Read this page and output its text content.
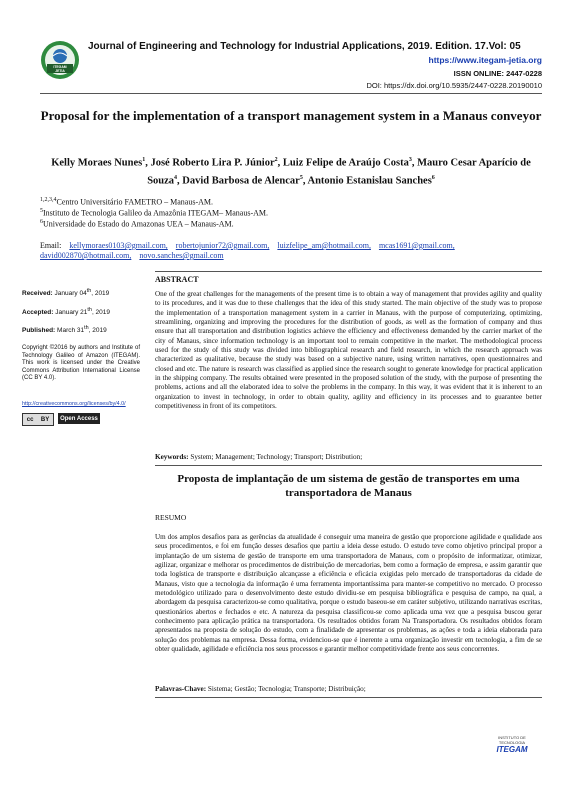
ITEGAM
JETIA
Journal of Engineering and Technology for Industrial Applications, 2019. Edition. 17.Vol: 05
https://www.itegam-jetia.org
ISSN ONLINE: 2447-0228
DOI: https://dx.doi.org/10.5935/2447-0228.20190010
Proposal for the implementation of a transport management system in a Manaus conveyor
Kelly Moraes Nunes$^1$, José Roberto Lira P. Júnior$^2$, Luiz Felipe de Araújo Costa$^3$, Mauro Cesar Aparício de Souza$^4$, David Barbosa de Alencar$^5$, Antonio Estanislau Sanches$^6$
$^{1,2,3,4}$Centro Universitário FAMETRO – Manaus-AM.
$^5$Instituto de Tecnologia Galileo da Amazônia ITEGAM– Manaus-AM.
$^6$Universidade do Estado do Amazonas UEA – Manaus-AM.
Email: kellymoraes0103@gmail.com, robertojunior72@gmail.com, luizfelipe_am@hotmail.com, mcas1691@gmail.com, david002870@hotmail.com, novo.sanches@gmail.com
Received: January 04th, 2019
Accepted: January 21th, 2019
Published: March 31th, 2019
Copyright ©2016 by authors and Institute of Technology Galileo of Amazon (ITEGAM). This work is licensed under the Creative Commons Attribution International License (CC BY 4.0).
http://creativecommons.org/licenses/by/4.0/
cc BY	Open Access
ABSTRACT
One of the great challenges for the managements of the present time is to obtain a way of management that provides agility and quality to its procedures, and it was due to these challenges that the idea of this study started. The main objective of the study was to propose the implementation of a transportation management system in a carrier in Manaus, with the purpose of computerizing, optimizing, streamlining, organizing and improving the procedures for the distribution of goods, as well as the formation of company and thus ensure that all transportation and distribution logistics achieve the efficiency and effectiveness demanded by the carrier market of the city of Manaus, since information technology is an important tool to remain competitive in the market. The methodological process used for the study of this study was divided into bibliographical research and field research, in which the research approach was characterized as qualitative, because the study was based on a subjective nature, using written narratives, open questionnaires and closed and etc. The nature is research was classified as applied since the research sought to generate knowledge for practical application in the shipping company. The results obtained were presented in the proposed solution of the study, with the purpose of presenting the problems, actions and all the elaborated idea to solve the problems in the company. In this way, it was evident that it is inherent to an organization to invest in technology, in order to obtain quality, agility and efficiency in its processes and to guarantee better competitiveness in front of its competitors.
Keywords: System; Management; Technology; Transport; Distribution;
Proposta de implantação de um sistema de gestão de transportes em uma transportadora de Manaus
RESUMO
Um dos amplos desafios para as gerências da atualidade é conseguir uma maneira de gestão que proporcione agilidade e qualidade aos seus procedimentos, e foi em função desses desafios que partiu a ideia desse estudo. O estudo teve como objetivo principal propor a implantação de um sistema de gestão de transporte em uma transportadora de Manaus, com o propósito de informatizar, otimizar, agilizar, organizar e melhorar os procedimentos de distribuição de mercadorias, bem como a formação de empresa, e assim garantir que toda logística de transporte e distribuição alcançasse a eficiência e eficácia exigidas pelo mercado de transportadoras da cidade de Manaus, visto que a tecnologia da informação é uma ferramenta importantíssima para manter-se competitivo no mercado. O processo metodológico utilizado para o desenvolvimento deste estudo dividiu-se em pesquisa bibliográfica e pesquisa de campo, na qual, a abordagem da pesquisa caracterizou-se como qualitativa, porque o estudo baseou-se em caráter subjetivo, utilizando narrativas escritas, questionários abertos e fechados e etc. A natureza da pesquisa classificou-se como aplicada uma vez que a pesquisa buscou gerar conhecimento para aplicação prática na transportadora. Os resultados obtidos foram Na Transportadora. Os resultados obtidos foram apresentados na proposta de solução do estudo, com a finalidade de apresentar os problemas, as ações e toda a ideia elaborada para solução dos problemas na empresa. Dessa forma, evidenciou-se que é inerente a uma organização investir em tecnologia, a fim de se obter qualidade, agilidade e eficiência nos seus processos e garantir melhor competitividade frente aos seus concorrentes.
Palavras-Chave: Sistema; Gestão; Tecnologia; Transporte; Distribuição;
INSTITUTO DE TECNOLOGIA
ITEGAM
